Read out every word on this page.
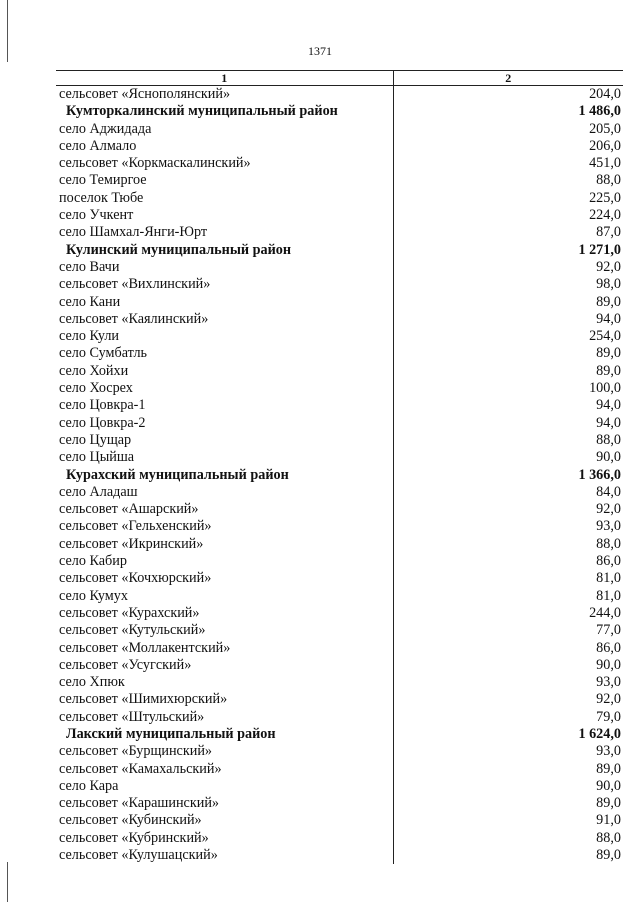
1371
1	2
сельсовет «Яснополянский»	204,0
Кумторкалинский муниципальный район	1 486,0
село Аджидада	205,0
село Алмало	206,0
сельсовет «Коркмаскалинский»	451,0
село Темиргое	88,0
поселок Тюбе	225,0
село Учкент	224,0
село Шамхал-Янги-Юрт	87,0
Кулинский муниципальный район	1 271,0
село Вачи	92,0
сельсовет «Вихлинский»	98,0
село Кани	89,0
сельсовет «Каялинский»	94,0
село Кули	254,0
село Сумбатль	89,0
село Хойхи	89,0
село Хосрех	100,0
село Цовкра-1	94,0
село Цовкра-2	94,0
село Цущар	88,0
село Цыйша	90,0
Курахский муниципальный район	1 366,0
село Аладаш	84,0
сельсовет «Ашарский»	92,0
сельсовет «Гельхенский»	93,0
сельсовет «Икринский»	88,0
село Кабир	86,0
сельсовет «Кочхюрский»	81,0
село Кумух	81,0
сельсовет «Курахский»	244,0
сельсовет «Кутульский»	77,0
сельсовет «Моллакентский»	86,0
сельсовет «Усугский»	90,0
село Хпюк	93,0
сельсовет «Шимихюрский»	92,0
сельсовет «Штульский»	79,0
Лакский муниципальный район	1 624,0
сельсовет «Бурщинский»	93,0
сельсовет «Камахальский»	89,0
село Кара	90,0
сельсовет «Карашинский»	89,0
сельсовет «Кубинский»	91,0
сельсовет «Кубринский»	88,0
сельсовет «Кулушацский»	89,0
